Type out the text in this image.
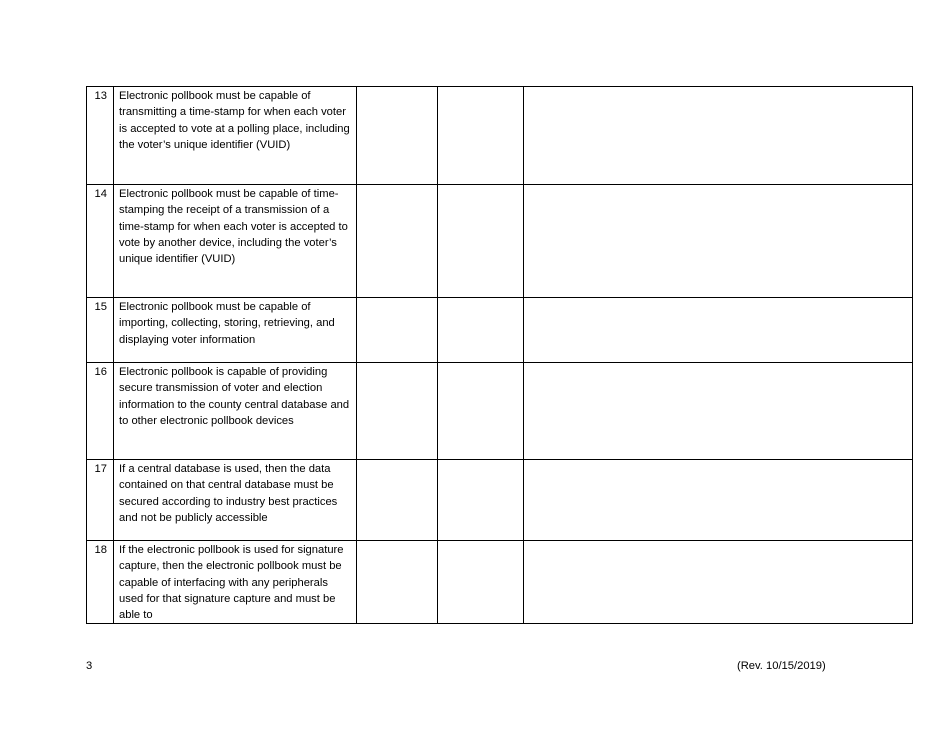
13	Electronic pollbook must be capable of transmitting a time-stamp for when each voter is accepted to vote at a polling place, including the voter’s unique identifier (VUID)			
14	Electronic pollbook must be capable of time-stamping the receipt of a transmission of a time-stamp for when each voter is accepted to vote by another device, including the voter’s unique identifier (VUID)			
15	Electronic pollbook must be capable of importing, collecting, storing, retrieving, and displaying voter information			
16	Electronic pollbook is capable of providing secure transmission of voter and election information to the county central database and to other electronic pollbook devices			
17	If a central database is used, then the data contained on that central database must be secured according to industry best practices and not be publicly accessible			
18	If the electronic pollbook is used for signature capture, then the electronic pollbook must be capable of interfacing with any peripherals used for that signature capture and must be able to			
3	(Rev. 10/15/2019)
